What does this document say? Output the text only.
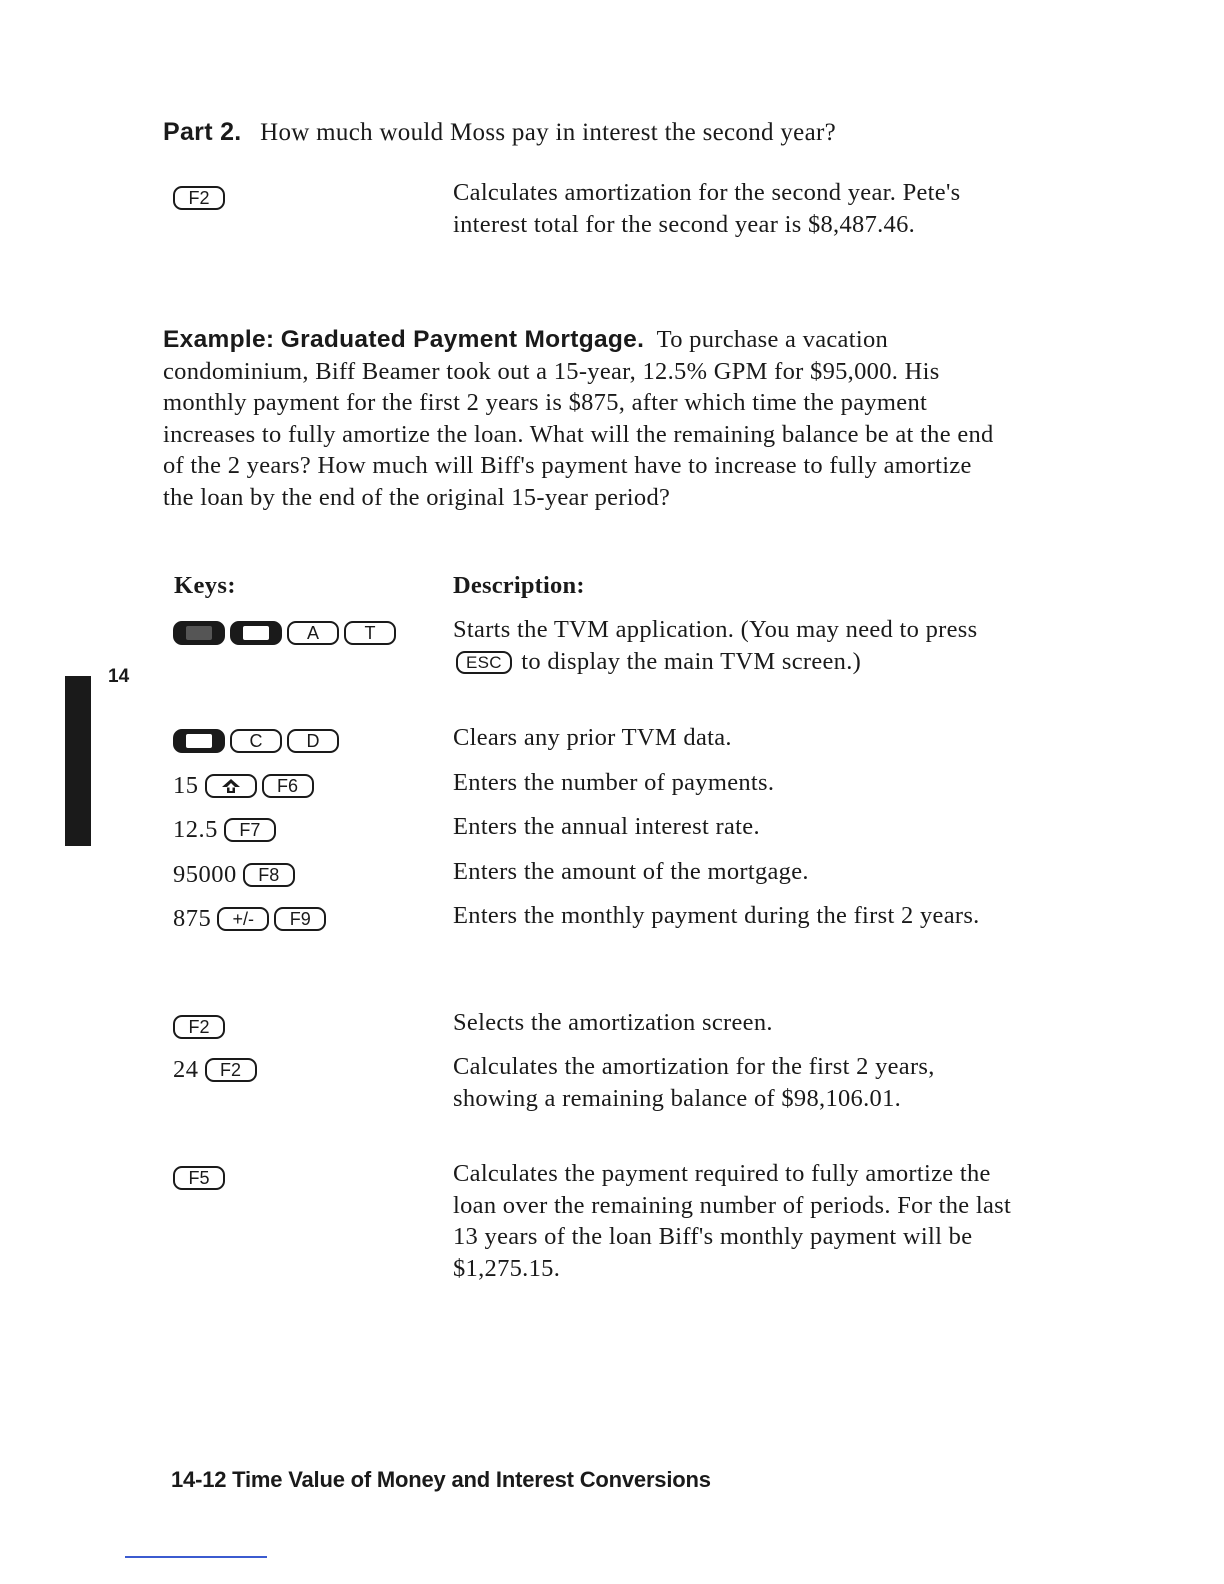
Part 2. How much would Moss pay in interest the second year?
F2	Calculates amortization for the second year. Pete's interest total for the second year is $8,487.46.
Example: Graduated Payment Mortgage. To purchase a vacation condominium, Biff Beamer took out a 15-year, 12.5% GPM for $95,000. His monthly payment for the first 2 years is $875, after which time the payment increases to fully amortize the loan. What will the remaining balance be at the end of the 2 years? How much will Biff's payment have to increase to fully amortize the loan by the end of the original 15-year period?
Keys:	Description:
A	T	Starts the TVM application. (You may need to press ESC to display the main TVM screen.)
C	D	Clears any prior TVM data.
15	F6	Enters the number of payments.
12.5	F7	Enters the annual interest rate.
95000	F8	Enters the amount of the mortgage.
875	+/-	F9	Enters the monthly payment during the first 2 years.
F2	Selects the amortization screen.
24	F2	Calculates the amortization for the first 2 years, showing a remaining balance of $98,106.01.
F5	Calculates the payment required to fully amortize the loan over the remaining number of periods. For the last 13 years of the loan Biff's monthly payment will be $1,275.15.
14
14-12 Time Value of Money and Interest Conversions
